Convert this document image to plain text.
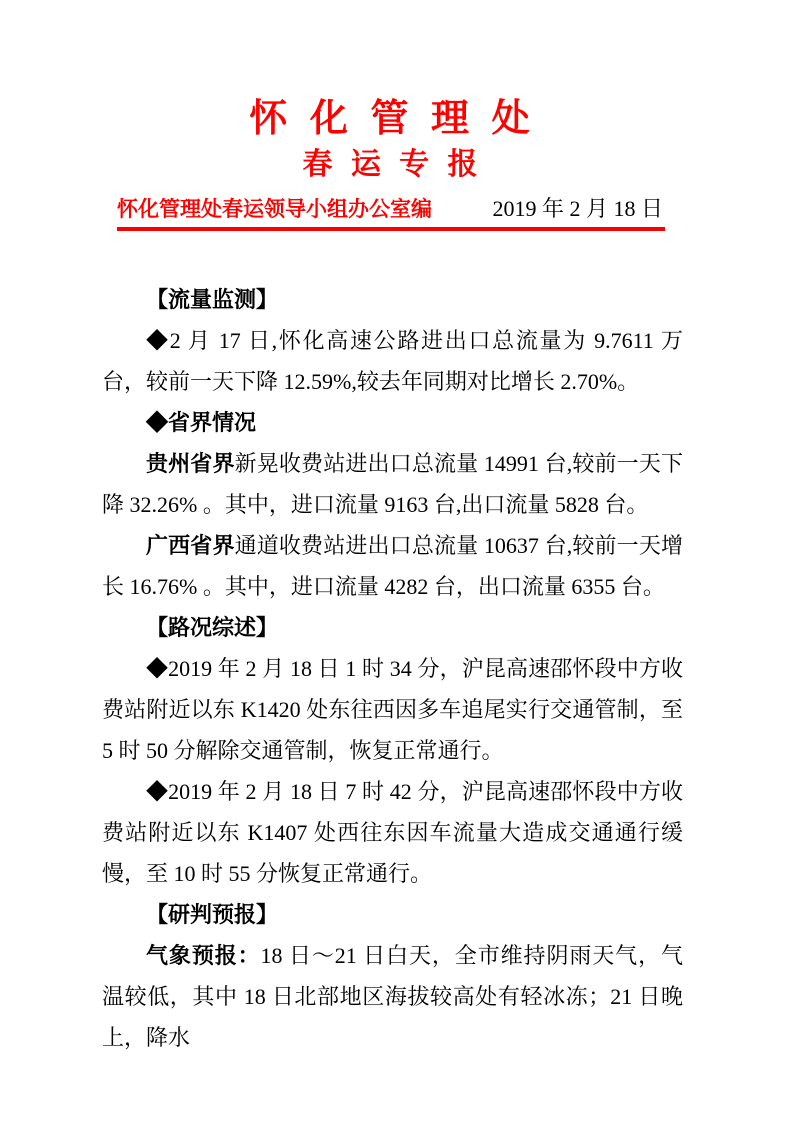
怀 化 管 理 处
春 运 专 报
怀化管理处春运领导小组办公室编	2019 年 2 月 18 日

【流量监测】

◆2 月 17 日,怀化高速公路进出口总流量为 9.7611 万台，较前一天下降 12.59%,较去年同期对比增长 2.70%。

◆省界情况

贵州省界新晃收费站进出口总流量 14991 台,较前一天下降 32.26% 。其中，进口流量 9163 台,出口流量 5828 台。

广西省界通道收费站进出口总流量 10637 台,较前一天增长 16.76% 。其中，进口流量 4282 台，出口流量 6355 台。

【路况综述】

◆2019 年 2 月 18 日 1 时 34 分，沪昆高速邵怀段中方收费站附近以东 K1420 处东往西因多车追尾实行交通管制，至 5 时 50 分解除交通管制，恢复正常通行。

◆2019 年 2 月 18 日 7 时 42 分，沪昆高速邵怀段中方收费站附近以东 K1407 处西往东因车流量大造成交通通行缓慢，至 10 时 55 分恢复正常通行。

【研判预报】

气象预报：18 日～21 日白天，全市维持阴雨天气，气温较低，其中 18 日北部地区海拔较高处有轻冰冻；21 日晚上，降水
